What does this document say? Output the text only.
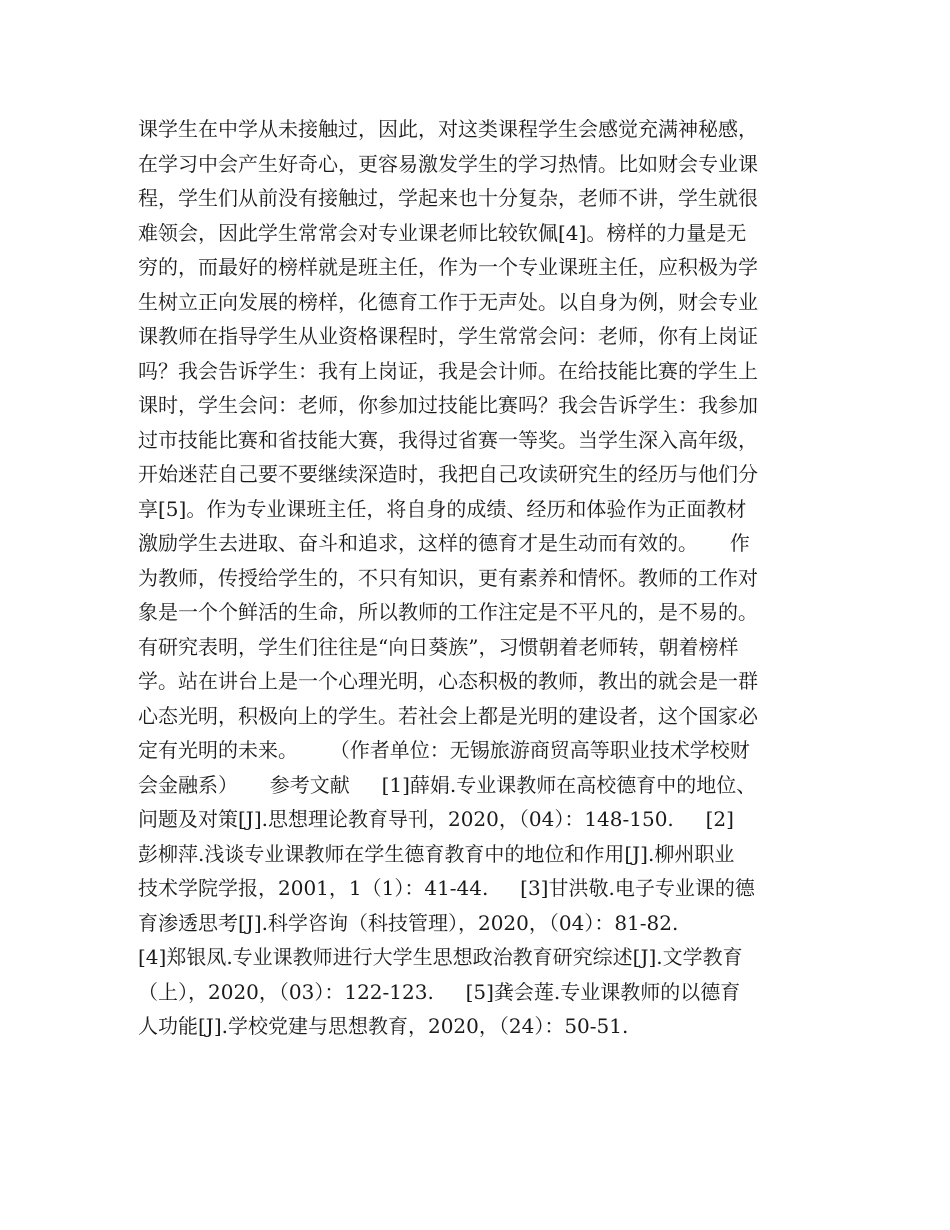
课学生在中学从未接触过，因此，对这类课程学生会感觉充满神秘感，
在学习中会产生好奇心，更容易激发学生的学习热情。比如财会专业课
程，学生们从前没有接触过，学起来也十分复杂，老师不讲，学生就很
难领会，因此学生常常会对专业课老师比较钦佩[4]。榜样的力量是无
穷的，而最好的榜样就是班主任，作为一个专业课班主任，应积极为学
生树立正向发展的榜样，化德育工作于无声处。以自身为例，财会专业
课教师在指导学生从业资格课程时，学生常常会问：老师，你有上岗证
吗？我会告诉学生：我有上岗证，我是会计师。在给技能比赛的学生上
课时，学生会问：老师，你参加过技能比赛吗？我会告诉学生：我参加
过市技能比赛和省技能大赛，我得过省赛一等奖。当学生深入高年级，
开始迷茫自己要不要继续深造时，我把自己攻读研究生的经历与他们分
享[5]。作为专业课班主任，将自身的成绩、经历和体验作为正面教材
激励学生去进取、奋斗和追求，这样的德育才是生动而有效的。     作
为教师，传授给学生的，不只有知识，更有素养和情怀。教师的工作对
象是一个个鲜活的生命，所以教师的工作注定是不平凡的，是不易的。
有研究表明，学生们往往是“向日葵族”，习惯朝着老师转，朝着榜样
学。站在讲台上是一个心理光明，心态积极的教师，教出的就会是一群
心态光明，积极向上的学生。若社会上都是光明的建设者，这个国家必
定有光明的未来。     （作者单位：无锡旅游商贸高等职业技术学校财
会金融系）     参考文献     [1]薛娟.专业课教师在高校德育中的地位、
问题及对策[J].思想理论教育导刊，2020，（04）：148-150.     [2]
彭柳萍.浅谈专业课教师在学生德育教育中的地位和作用[J].柳州职业
技术学院学报，2001，1（1）：41-44.     [3]甘洪敬.电子专业课的德
育渗透思考[J].科学咨询（科技管理），2020，（04）：81-82.
[4]郑银凤.专业课教师进行大学生思想政治教育研究综述[J].文学教育
（上），2020，（03）：122-123.     [5]龚会莲.专业课教师的以德育
人功能[J].学校党建与思想教育，2020，（24）：50-51.
